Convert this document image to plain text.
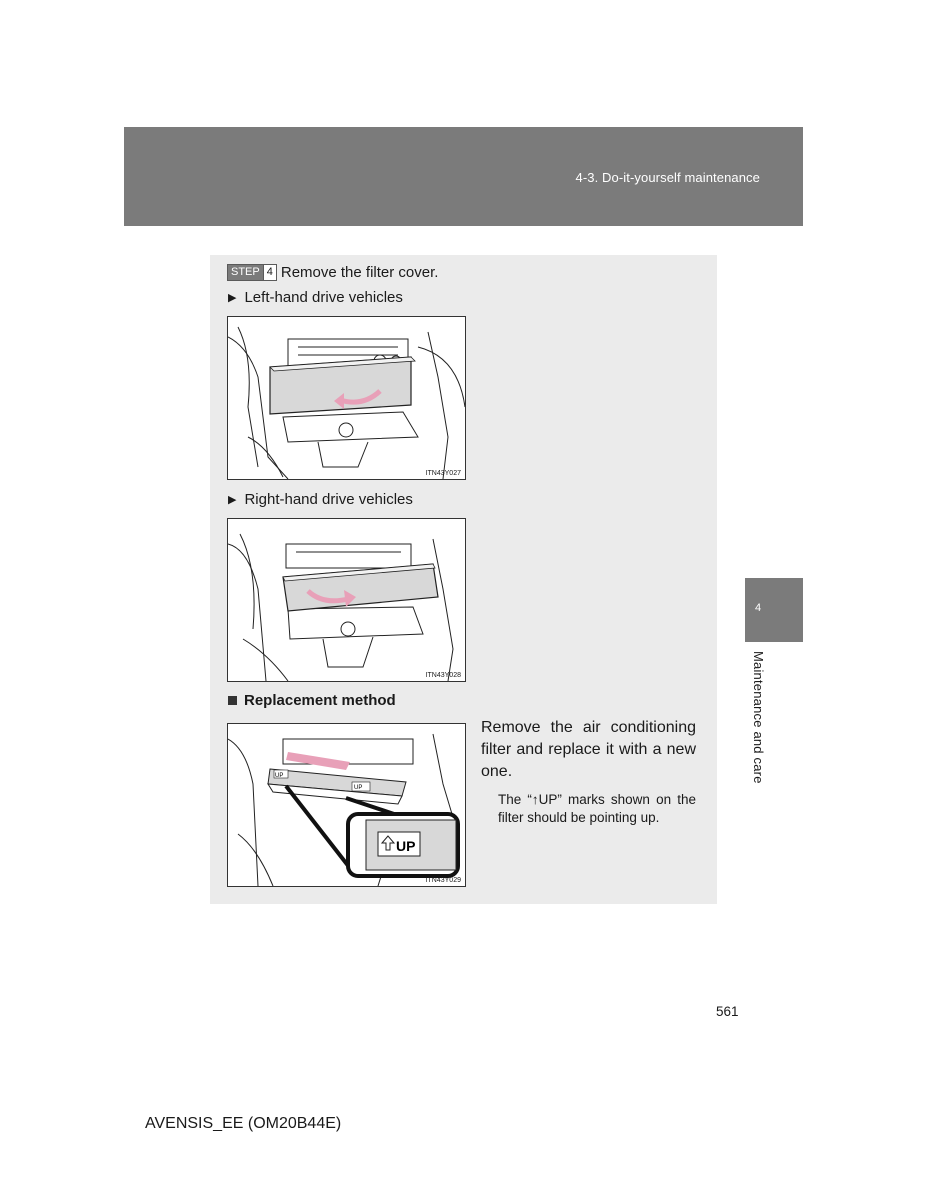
4-3. Do-it-yourself maintenance
4
Maintenance and care
STEP 4 Remove the filter cover.
▶ Left-hand drive vehicles
ITN43Y027
▶ Right-hand drive vehicles
ITN43Y028
Replacement method
UP
UP
UP
ITN43Y029
Remove the air conditioning filter and replace it with a new one.
The “↑UP” marks shown on the filter should be pointing up.
561
AVENSIS_EE (OM20B44E)
